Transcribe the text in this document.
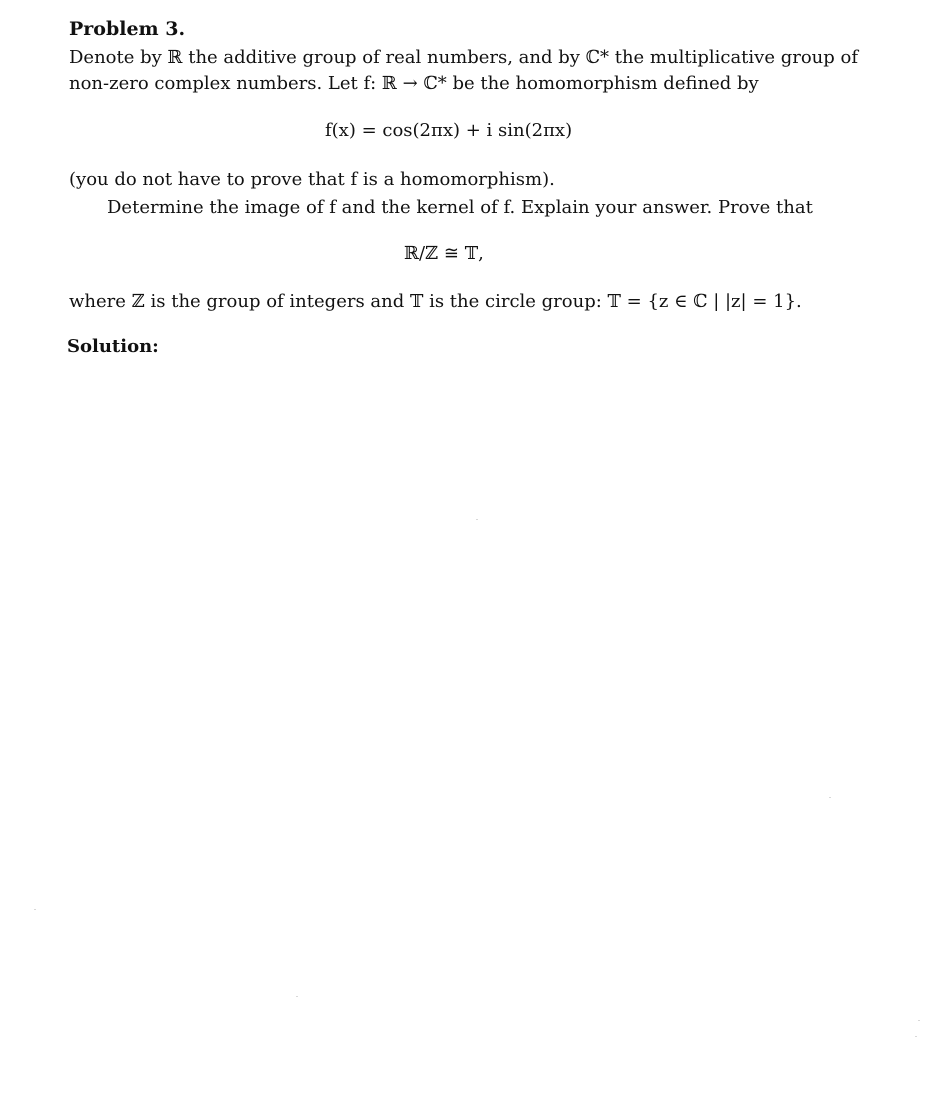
Problem 3.
Denote by ℝ the additive group of real numbers, and by ℂ* the multiplicative group of
non-zero complex numbers. Let f: ℝ → ℂ* be the homomorphism defined by
f(x) = cos(2πx) + i sin(2πx)
(you do not have to prove that f is a homomorphism).
Determine the image of f and the kernel of f. Explain your answer. Prove that
ℝ/ℤ ≅ 𝕋,
where ℤ is the group of integers and 𝕋 is the circle group: 𝕋 = {z ∈ ℂ | |z| = 1}.
Solution:
